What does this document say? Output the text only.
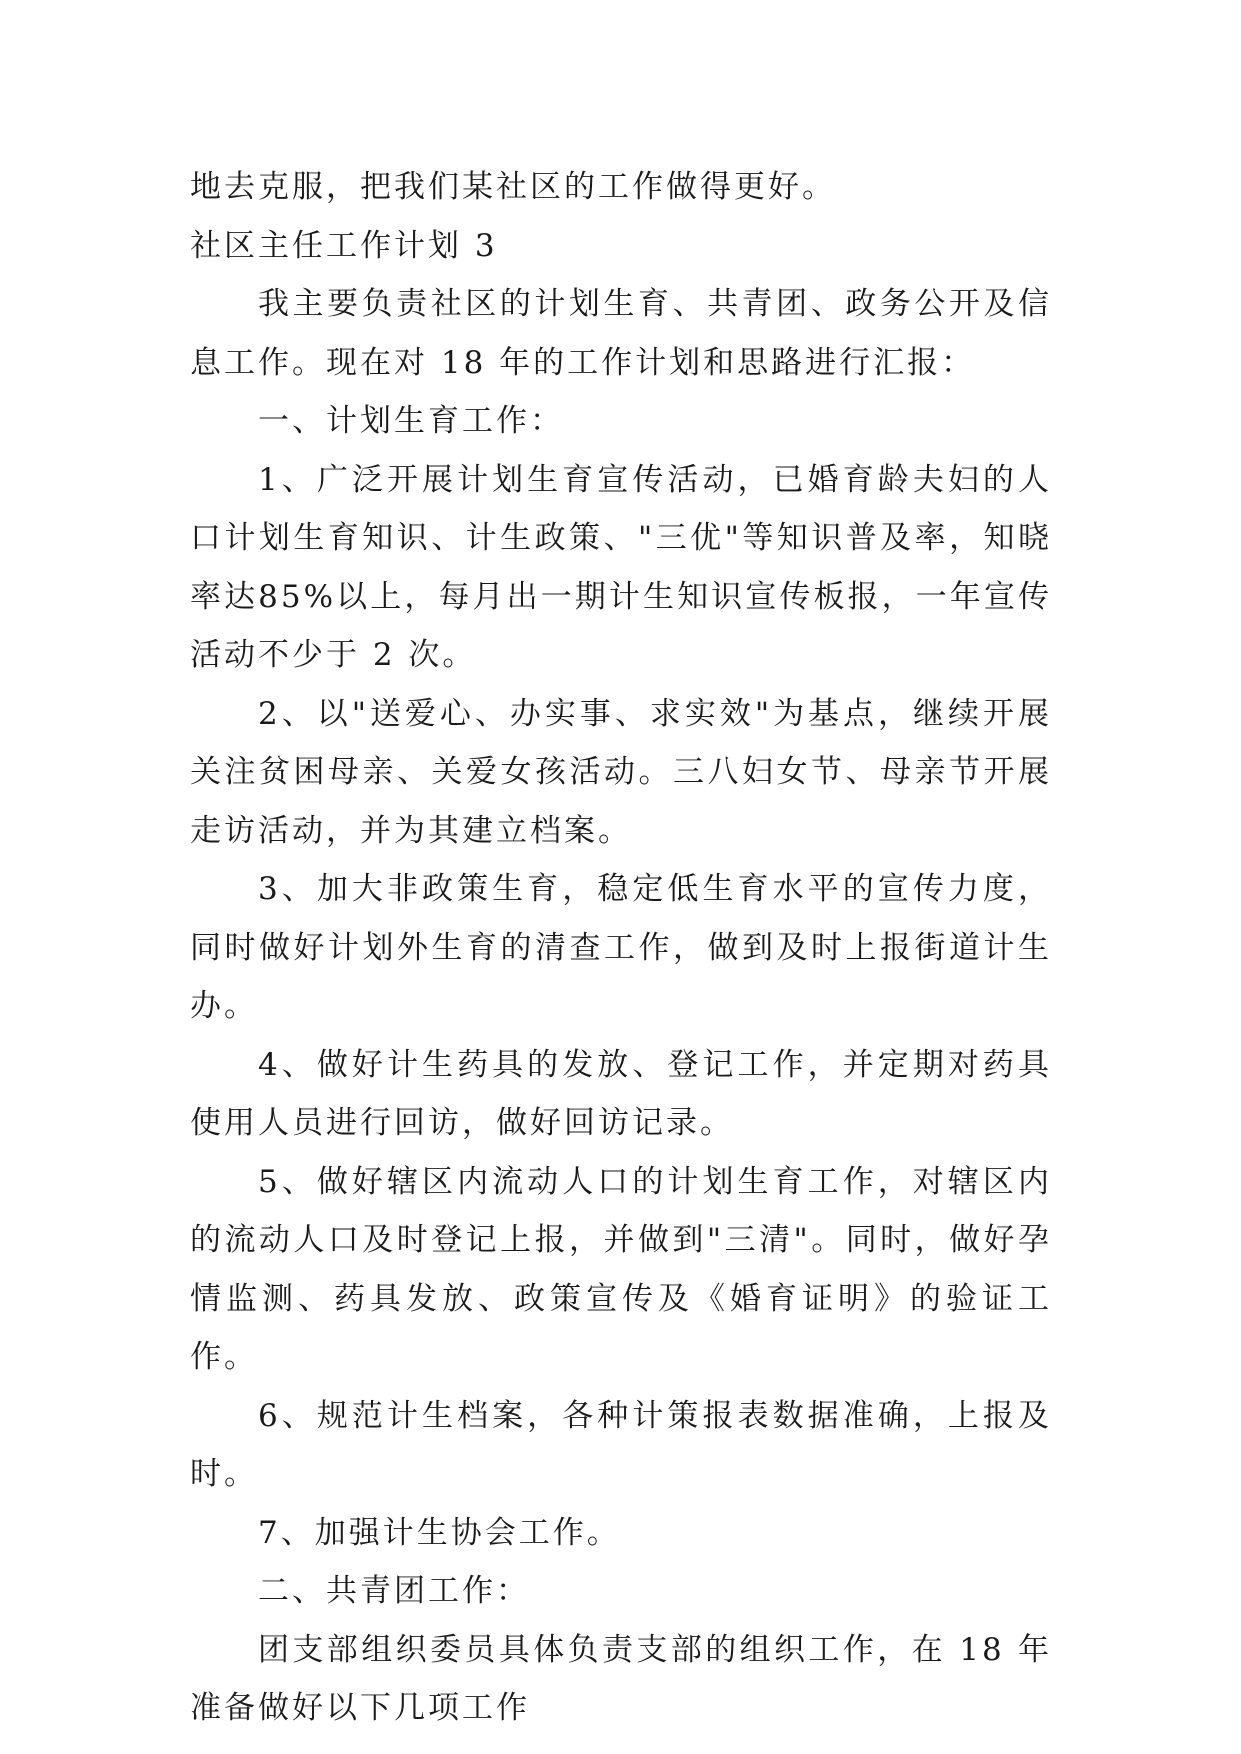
地去克服，把我们某社区的工作做得更好。

社区主任工作计划 3

我主要负责社区的计划生育、共青团、政务公开及信息工作。现在对 18 年的工作计划和思路进行汇报：

一、计划生育工作：

1、广泛开展计划生育宣传活动，已婚育龄夫妇的人口计划生育知识、计生政策、"三优"等知识普及率，知晓率达85%以上，每月出一期计生知识宣传板报，一年宣传活动不少于 2 次。

2、以"送爱心、办实事、求实效"为基点，继续开展关注贫困母亲、关爱女孩活动。三八妇女节、母亲节开展走访活动，并为其建立档案。

3、加大非政策生育，稳定低生育水平的宣传力度，同时做好计划外生育的清查工作，做到及时上报街道计生办。

4、做好计生药具的发放、登记工作，并定期对药具使用人员进行回访，做好回访记录。

5、做好辖区内流动人口的计划生育工作，对辖区内的流动人口及时登记上报，并做到"三清"。同时，做好孕情监测、药具发放、政策宣传及《婚育证明》的验证工作。

6、规范计生档案，各种计策报表数据准确，上报及时。

7、加强计生协会工作。

二、共青团工作：

团支部组织委员具体负责支部的组织工作，在 18 年准备做好以下几项工作
